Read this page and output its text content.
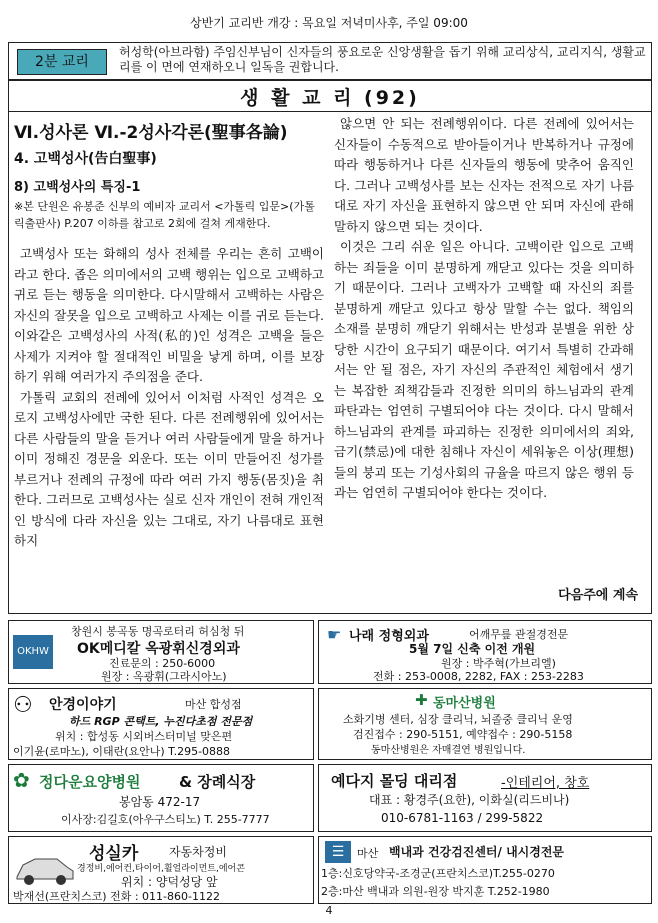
상반기 교리반 개강 : 목요일 저녁미사후, 주일 09:00
2분 교리
허성학(아브라함) 주임신부님이 신자들의 풍요로운 신앙생활을 돕기 위해 교리상식, 교리지식, 생활교리를 이 면에 연재하오니 일독을 권합니다.
생 활 교 리 (92)
Ⅵ.성사론 Ⅵ.-2성사각론(聖事各論)
4. 고백성사(告白聖事)
8) 고백성사의 특징-1
※본 단원은 유봉준 신부의 예비자 교리서 <가톨릭 입문>(가톨릭출판사) P.207 이하를 참고로 2회에 걸쳐 게재한다.

고백성사 또는 화해의 성사 전체를 우리는 흔히 고백이라고 한다. 좁은 의미에서의 고백 행위는 입으로 고백하고 귀로 듣는 행동을 의미한다. 다시말해서 고백하는 사람은 자신의 잘못을 입으로 고백하고 사제는 이를 귀로 듣는다. 이와같은 고백성사의 사적(私的)인 성격은 고백을 들은 사제가 지켜야 할 절대적인 비밀을 낳게 하며, 이를 보장하기 위해 여러가지 주의점을 준다.

가톨릭 교회의 전례에 있어서 이처럼 사적인 성격은 오로지 고백성사에만 국한 된다. 다른 전례행위에 있어서는 다른 사람들의 말을 듣거나 여러 사람들에게 말을 하거나 이미 정해진 경문을 외운다. 또는 이미 만들어진 성가를 부르거나 전례의 규정에 따라 여러 가지 행동(몸짓)을 취한다. 그러므로 고백성사는 실로 신자 개인이 전혀 개인적인 방식에 다라 자신을 있는 그대로, 자기 나름대로 표현하지

않으면 안 되는 전례행위이다. 다른 전례에 있어서는 신자들이 수동적으로 받아들이거나 반복하거나 규정에 따라 행동하거나 다른 신자들의 행동에 맞추어 움직인다. 그러나 고백성사를 보는 신자는 전적으로 자기 나름대로 자기 자신을 표현하지 않으면 안 되며 자신에 관해 말하지 않으면 되는 것이다.

이것은 그리 쉬운 일은 아니다. 고백이란 입으로 고백하는 죄들을 이미 분명하게 깨닫고 있다는 것을 의미하기 때문이다. 그러나 고백자가 고백할 때 자신의 죄를 분명하게 깨닫고 있다고 항상 말할 수는 없다. 책임의 소재를 분명히 깨닫기 위해서는 반성과 분별을 위한 상당한 시간이 요구되기 때문이다. 여기서 특별히 간과해서는 안 될 점은, 자기 자신의 주관적인 체험에서 생기는 복잡한 죄책감들과 진정한 의미의 하느님과의 관계파탄과는 엄연히 구별되어야 다는 것이다. 다시 말해서 하느님과의 관계를 파괴하는 진정한 의미에서의 죄와, 금기(禁忌)에 대한 침해나 자신이 세워놓은 이상(理想)들의 붕괴 또는 기성사회의 규율을 따르지 않은 행위 등과는 엄연히 구별되어야 한다는 것이다.

다음주에 계속
OKHW
창원시 봉곡동 명곡로터리 허심청 뒤
OK메디칼 옥광휘신경외과
진료문의 : 250-6000
원장 : 옥광휘(그라시아노)
☛ 나래 정형외과	어깨무릎 관절경전문
5월 7일 신축 이전 개원
원장 : 박주혁(가브리엘)
전화 : 253-0008, 2282, FAX : 253-2283
⚇ 안경이야기	마산 합성점
하드 RGP 콘택트, 누진다초점 전문점
위치 : 합성동 시외버스터미널 맞은편
이기윤(로마노), 이태란(요안나) T.295-0888
✚ 동마산병원
소화기병 센터, 심장 클리닉, 뇌졸중 클리닉 운영
검진접수 : 290-5151, 예약접수 : 290-5158
동마산병원은 자매결연 병원입니다.
✿ 정다운요양병원	& 장례식장
봉암동 472-17
이사장:김길호(아우구스티노) T. 255-7777
예다지 몰딩 대리점	-인테리어, 창호
대표 : 황경주(요한), 이화실(리드비나)
010-6781-1163 / 299-5822
성실카	자동차정비
경정비,에어컨,타이어,휠얼라이먼트,에어콘
위치 : 양덕성당 앞
박재선(프란치스코) 전화 : 011-860-1122
☰	마산 백내과 건강검진센터/ 내시경전문
1층:신호당약국-조경군(프란치스코)T.255-0270
2층:마산 백내과 의원-원장 박지훈 T.252-1980
4
